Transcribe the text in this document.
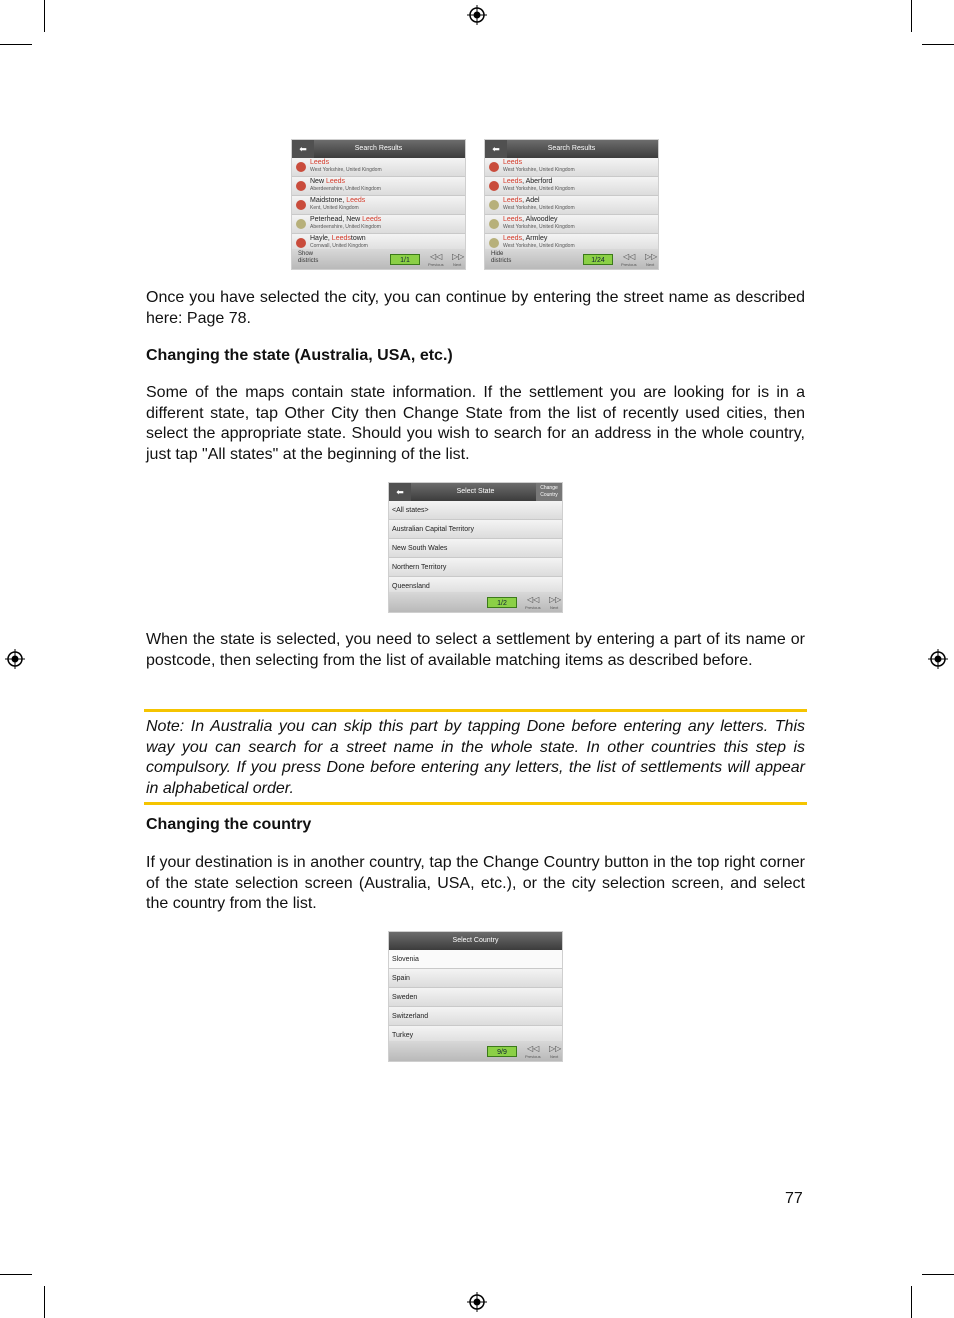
⬅	Search Results
Leeds
West Yorkshire, United Kingdom
New Leeds
Aberdeenshire, United Kingdom
Maidstone, Leeds
Kent, United Kingdom
Peterhead, New Leeds
Aberdeenshire, United Kingdom
Hayle, Leedstown
Cornwall, United Kingdom
Show
districts	1/1	◁◁
Previous
▷▷
Next
⬅	Search Results
Leeds
West Yorkshire, United Kingdom
Leeds, Aberford
West Yorkshire, United Kingdom
Leeds, Adel
West Yorkshire, United Kingdom
Leeds, Alwoodley
West Yorkshire, United Kingdom
Leeds, Armley
West Yorkshire, United Kingdom
Hide
districts	1/24	◁◁
Previous
▷▷
Next

Once you have selected the city, you can continue by entering the street name as described here: Page 78.

Changing the state (Australia, USA, etc.)

Some of the maps contain state information. If the settlement you are looking for is in a different state, tap Other City then Change State from the list of recently used cities, then select the appropriate state. Should you wish to search for an address in the whole country, just tap "All states" at the beginning of the list.

⬅	Select State	Change
Country
<All states>
Australian Capital Territory
New South Wales
Northern Territory
Queensland
1/2	◁◁
Previous
▷▷
Next

When the state is selected, you need to select a settlement by entering a part of its name or postcode, then selecting from the list of available matching items as described before.

Note: In Australia you can skip this part by tapping Done before entering any letters. This way you can search for a street name in the whole state. In other countries this step is compulsory. If you press Done before entering any letters, the list of settlements will appear in alphabetical order.

Changing the country

If your destination is in another country, tap the Change Country button in the top right corner of the state selection screen (Australia, USA, etc.), or the city selection screen, and select the country from the list.

Select Country
Slovenia
Spain
Sweden
Switzerland
Turkey
9/9	◁◁
Previous
▷▷
Next
77
